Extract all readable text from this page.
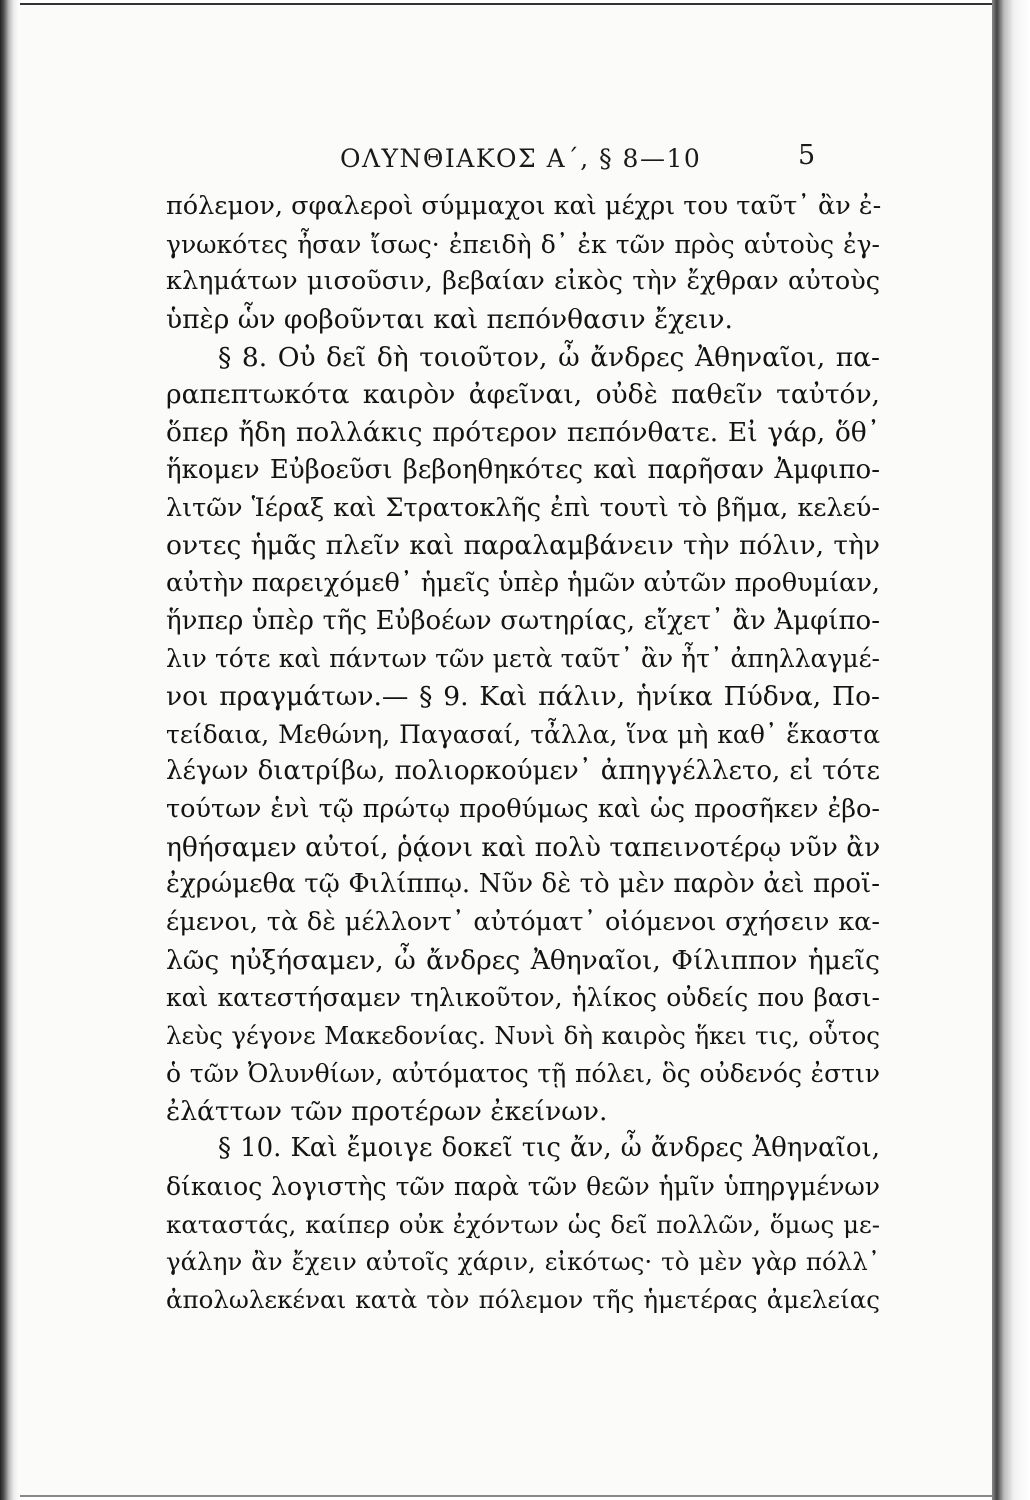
ΟΛΥΝΘΙΑΚΟΣ Α΄, § 8—10	5
πόλεμον, σφαλεροὶ σύμμαχοι καὶ μέχρι του ταῦτ᾽ ἂν ἐ-
γνωκότες ἦσαν ἴσως· ἐπειδὴ δ᾽ ἐκ τῶν πρὸς αὑτοὺς ἐγ-
κλημάτων μισοῦσιν, βεβαίαν εἰκὸς τὴν ἔχθραν αὐτοὺς
ὑπὲρ ὧν φοβοῦνται καὶ πεπόνθασιν ἔχειν.
§ 8. Οὐ δεῖ δὴ τοιοῦτον, ὦ ἄνδρες Ἀθηναῖοι, πα-
ραπεπτωκότα καιρὸν ἀφεῖναι, οὐδὲ παθεῖν ταὐτόν,
ὅπερ ἤδη πολλάκις πρότερον πεπόνθατε. Εἰ γάρ, ὅθ᾽
ἥκομεν Εὐβοεῦσι βεβοηθηκότες καὶ παρῆσαν Ἀμφιπο-
λιτῶν Ἱέραξ καὶ Στρατοκλῆς ἐπὶ τουτὶ τὸ βῆμα, κελεύ-
οντες ἡμᾶς πλεῖν καὶ παραλαμβάνειν τὴν πόλιν, τὴν
αὐτὴν παρειχόμεθ᾽ ἡμεῖς ὑπὲρ ἡμῶν αὐτῶν προθυμίαν,
ἥνπερ ὑπὲρ τῆς Εὐβοέων σωτηρίας, εἴχετ᾽ ἂν Ἀμφίπο-
λιν τότε καὶ πάντων τῶν μετὰ ταῦτ᾽ ἂν ἦτ᾽ ἀπηλλαγμέ-
νοι πραγμάτων.— § 9. Καὶ πάλιν, ἡνίκα Πύδνα, Πο-
τείδαια, Μεθώνη, Παγασαί, τἆλλα, ἵνα μὴ καθ᾽ ἕκαστα
λέγων διατρίβω, πολιορκούμεν᾽ ἀπηγγέλλετο, εἰ τότε
τούτων ἑνὶ τῷ πρώτῳ προθύμως καὶ ὡς προσῆκεν ἐβο-
ηθήσαμεν αὐτοί, ῥᾴονι καὶ πολὺ ταπεινοτέρῳ νῦν ἂν
ἐχρώμεθα τῷ Φιλίππῳ. Νῦν δὲ τὸ μὲν παρὸν ἀεὶ προϊ-
έμενοι, τὰ δὲ μέλλοντ᾽ αὐτόματ᾽ οἰόμενοι σχήσειν κα-
λῶς ηὐξήσαμεν, ὦ ἄνδρες Ἀθηναῖοι, Φίλιππον ἡμεῖς
καὶ κατεστήσαμεν τηλικοῦτον, ἡλίκος οὐδείς που βασι-
λεὺς γέγονε Μακεδονίας. Νυνὶ δὴ καιρὸς ἥκει τις, οὗτος
ὁ τῶν Ὀλυνθίων, αὐτόματος τῇ πόλει, ὃς οὐδενός ἐστιν
ἐλάττων τῶν προτέρων ἐκείνων.
§ 10. Καὶ ἔμοιγε δοκεῖ τις ἄν, ὦ ἄνδρες Ἀθηναῖοι,
δίκαιος λογιστὴς τῶν παρὰ τῶν θεῶν ἡμῖν ὑπηργμένων
καταστάς, καίπερ οὐκ ἐχόντων ὡς δεῖ πολλῶν, ὅμως με-
γάλην ἂν ἔχειν αὐτοῖς χάριν, εἰκότως· τὸ μὲν γὰρ πόλλ᾽
ἀπολωλεκέναι κατὰ τὸν πόλεμον τῆς ἡμετέρας ἀμελείας
